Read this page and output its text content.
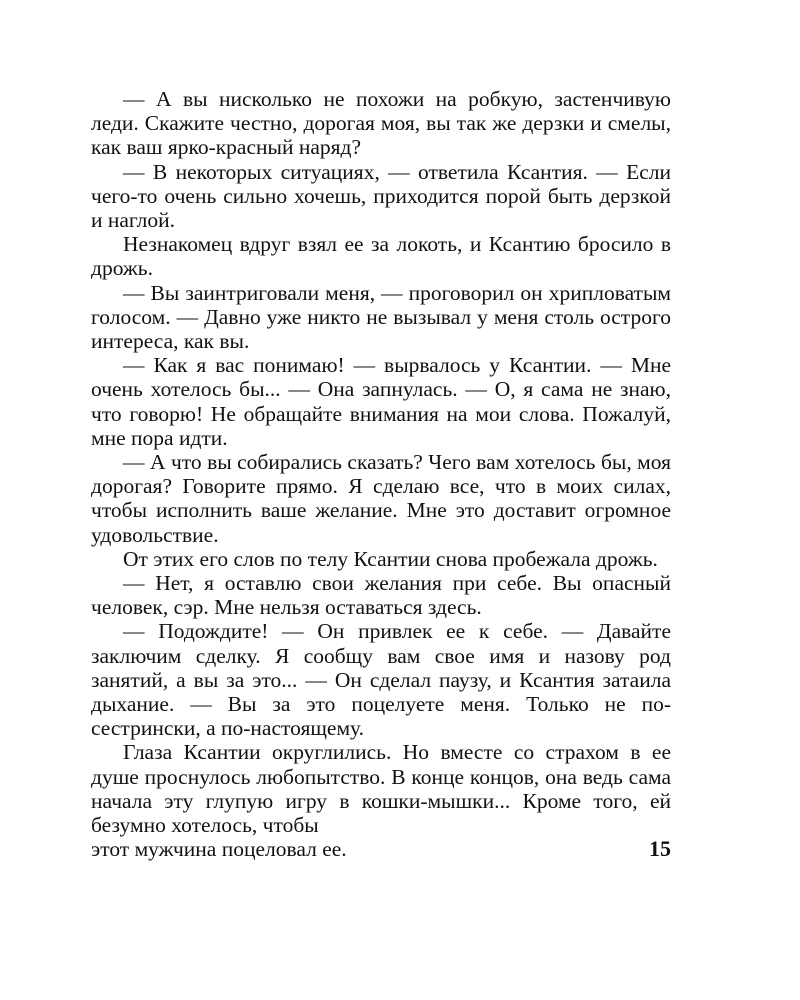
— А вы нисколько не похожи на робкую, застенчивую леди. Скажите честно, дорогая моя, вы так же дерзки и смелы, как ваш ярко-красный наряд?

— В некоторых ситуациях, — ответила Ксантия. — Если чего-то очень сильно хочешь, приходится порой быть дерзкой и наглой.

Незнакомец вдруг взял ее за локоть, и Ксантию бросило в дрожь.

— Вы заинтриговали меня, — проговорил он хрипловатым голосом. — Давно уже никто не вызывал у меня столь острого интереса, как вы.

— Как я вас понимаю! — вырвалось у Ксантии. — Мне очень хотелось бы... — Она запнулась. — О, я сама не знаю, что говорю! Не обращайте внимания на мои слова. Пожалуй, мне пора идти.

— А что вы собирались сказать? Чего вам хотелось бы, моя дорогая? Говорите прямо. Я сделаю все, что в моих силах, чтобы исполнить ваше желание. Мне это доставит огромное удовольствие.

От этих его слов по телу Ксантии снова пробежала дрожь.

— Нет, я оставлю свои желания при себе. Вы опасный человек, сэр. Мне нельзя оставаться здесь.

— Подождите! — Он привлек ее к себе. — Давайте заключим сделку. Я сообщу вам свое имя и назову род занятий, а вы за это... — Он сделал паузу, и Ксантия затаила дыхание. — Вы за это поцелуете меня. Только не по-сестрински, а по-настоящему.

Глаза Ксантии округлились. Но вместе со страхом в ее душе проснулось любопытство. В конце концов, она ведь сама начала эту глупую игру в кошки-мышки... Кроме того, ей безумно хотелось, чтобы

этот мужчина поцеловал ее.	15
